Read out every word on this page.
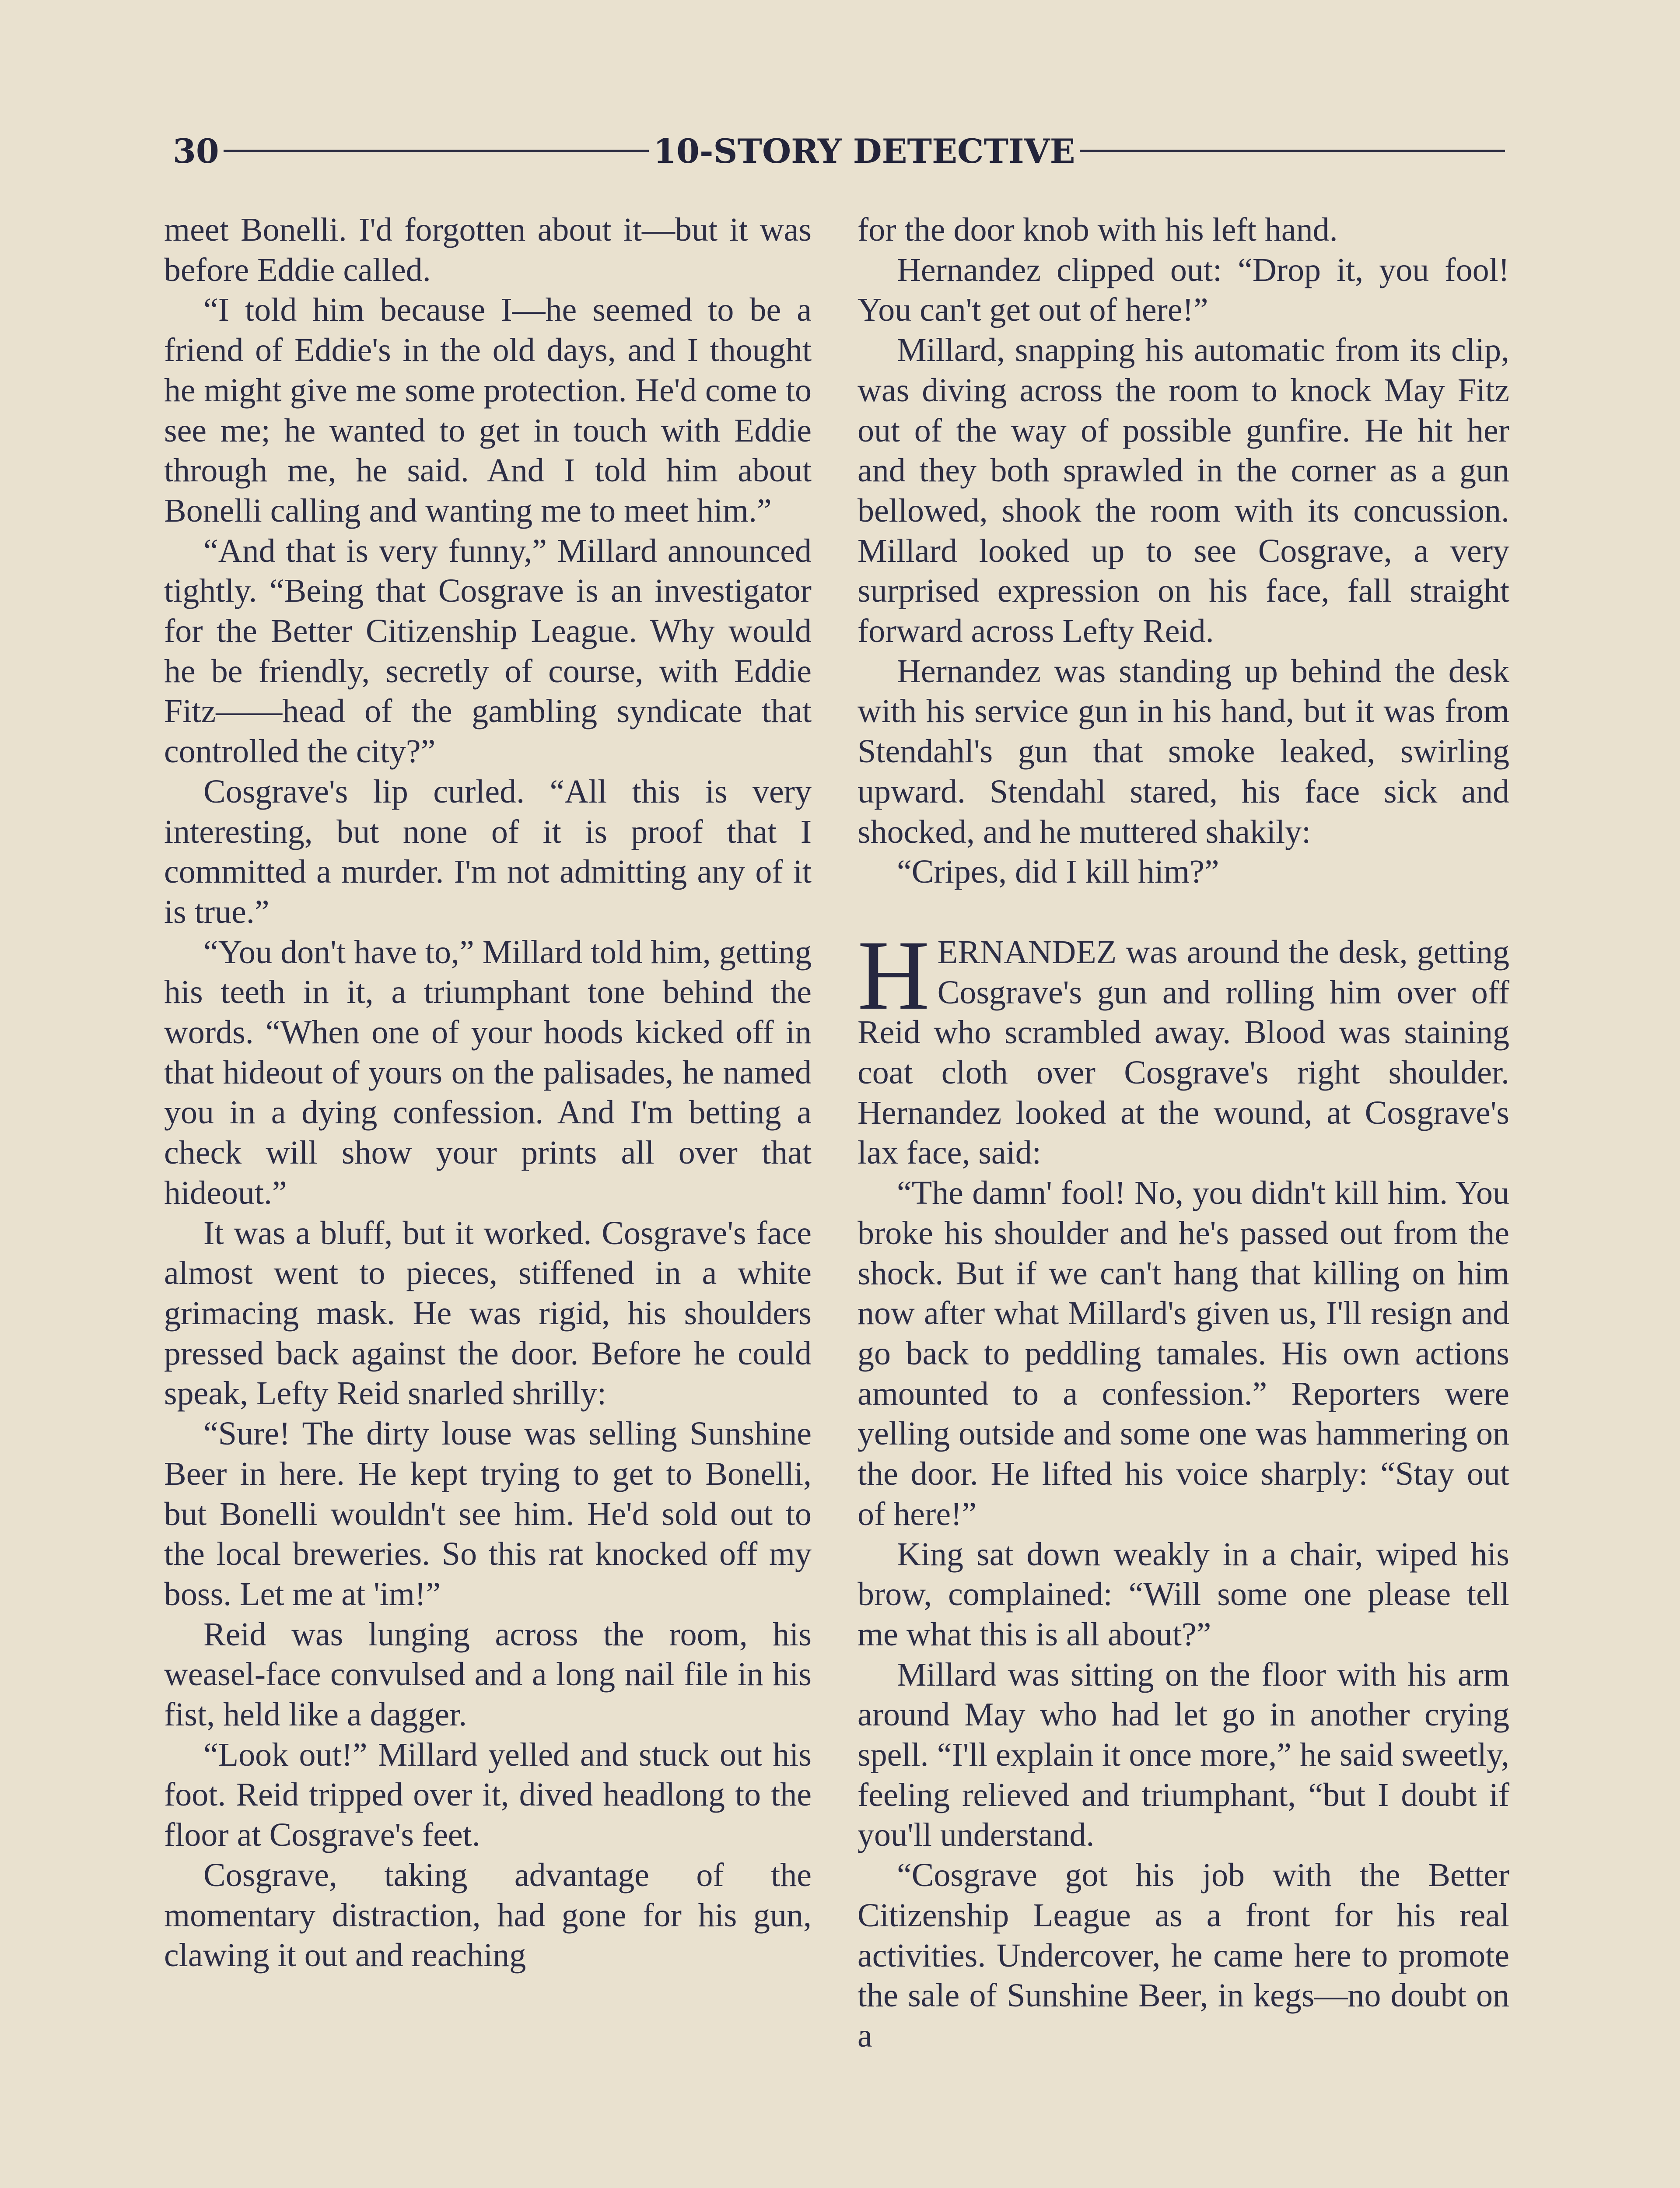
30	10-STORY DETECTIVE

meet Bonelli. I'd forgotten about it—but it was before Eddie called.

“I told him because I—he seemed to be a friend of Eddie's in the old days, and I thought he might give me some protection. He'd come to see me; he wanted to get in touch with Eddie through me, he said. And I told him about Bonelli calling and wanting me to meet him.”

“And that is very funny,” Millard announced tightly. “Being that Cosgrave is an investigator for the Better Citizenship League. Why would he be friendly, secretly of course, with Eddie Fitz——head of the gambling syndicate that controlled the city?”

Cosgrave's lip curled. “All this is very interesting, but none of it is proof that I committed a murder. I'm not admitting any of it is true.”

“You don't have to,” Millard told him, getting his teeth in it, a triumphant tone behind the words. “When one of your hoods kicked off in that hideout of yours on the palisades, he named you in a dying confession. And I'm betting a check will show your prints all over that hideout.”

It was a bluff, but it worked. Cosgrave's face almost went to pieces, stiffened in a white grimacing mask. He was rigid, his shoulders pressed back against the door. Before he could speak, Lefty Reid snarled shrilly:

“Sure! The dirty louse was selling Sunshine Beer in here. He kept trying to get to Bonelli, but Bonelli wouldn't see him. He'd sold out to the local breweries. So this rat knocked off my boss. Let me at 'im!”

Reid was lunging across the room, his weasel-face convulsed and a long nail file in his fist, held like a dagger.

“Look out!” Millard yelled and stuck out his foot. Reid tripped over it, dived headlong to the floor at Cosgrave's feet.

Cosgrave, taking advantage of the momentary distraction, had gone for his gun, clawing it out and reaching

for the door knob with his left hand.

Hernandez clipped out: “Drop it, you fool! You can't get out of here!”

Millard, snapping his automatic from its clip, was diving across the room to knock May Fitz out of the way of possible gunfire. He hit her and they both sprawled in the corner as a gun bellowed, shook the room with its concussion. Millard looked up to see Cosgrave, a very surprised expression on his face, fall straight forward across Lefty Reid.

Hernandez was standing up behind the desk with his service gun in his hand, but it was from Stendahl's gun that smoke leaked, swirling upward. Stendahl stared, his face sick and shocked, and he muttered shakily:

“Cripes, did I kill him?”

HERNANDEZ was around the desk, getting Cosgrave's gun and rolling him over off Reid who scrambled away. Blood was staining coat cloth over Cosgrave's right shoulder. Hernandez looked at the wound, at Cosgrave's lax face, said:

“The damn' fool! No, you didn't kill him. You broke his shoulder and he's passed out from the shock. But if we can't hang that killing on him now after what Millard's given us, I'll resign and go back to peddling tamales. His own actions amounted to a confession.” Reporters were yelling outside and some one was hammering on the door. He lifted his voice sharply: “Stay out of here!”

King sat down weakly in a chair, wiped his brow, complained: “Will some one please tell me what this is all about?”

Millard was sitting on the floor with his arm around May who had let go in another crying spell. “I'll explain it once more,” he said sweetly, feeling relieved and triumphant, “but I doubt if you'll understand.

“Cosgrave got his job with the Better Citizenship League as a front for his real activities. Undercover, he came here to promote the sale of Sunshine Beer, in kegs—no doubt on a
